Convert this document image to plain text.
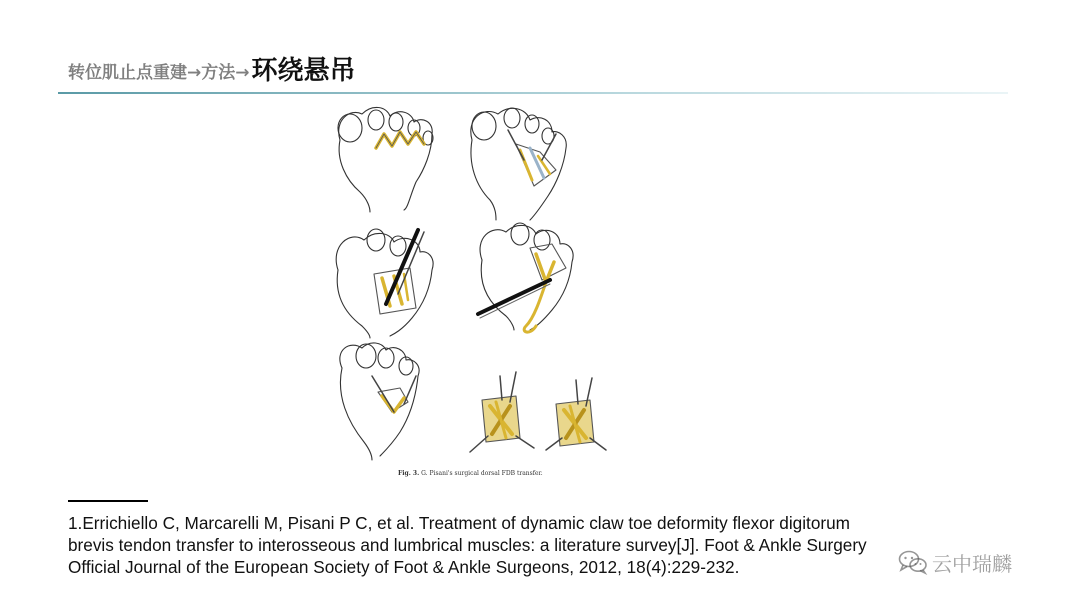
转位肌止点重建→方法→ 环绕悬吊
Fig. 3. G. Pisani's surgical dorsal FDB transfer.

1.Errichiello C, Marcarelli M, Pisani P C, et al. Treatment of dynamic claw toe deformity flexor digitorum

brevis tendon transfer to interosseous and lumbrical muscles: a literature survey[J]. Foot & Ankle Surgery

Official Journal of the European Society of Foot & Ankle Surgeons, 2012, 18(4):229-232.	云中瑞麟
